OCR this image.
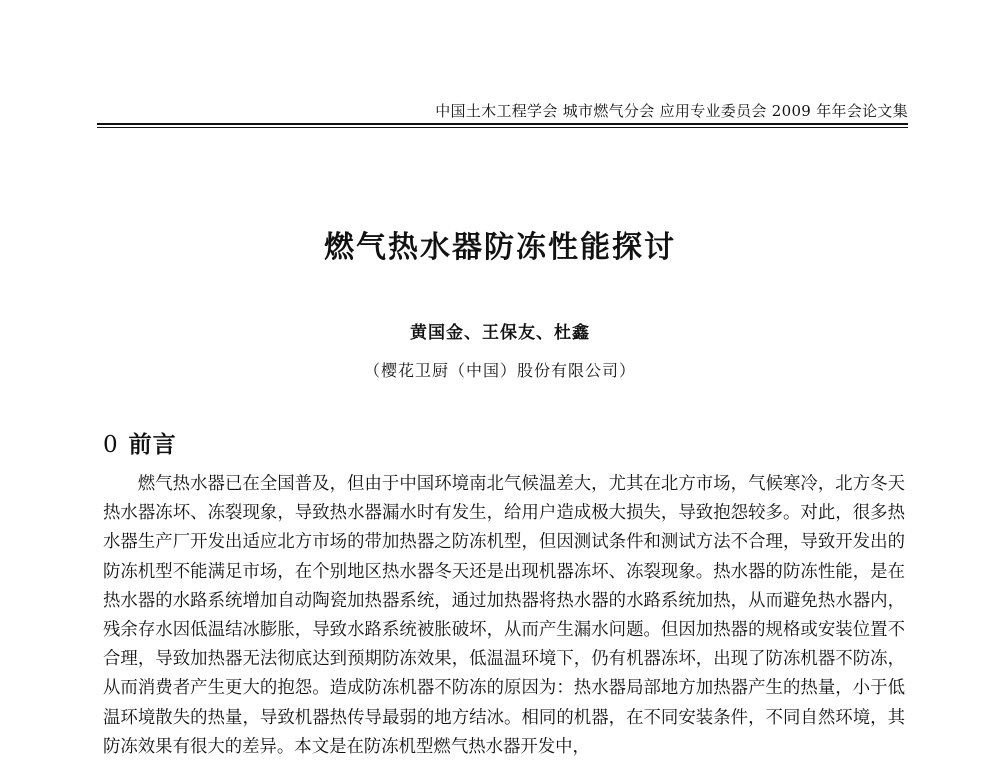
中国土木工程学会 城市燃气分会 应用专业委员会 2009 年年会论文集
燃气热水器防冻性能探讨
黄国金、王保友、杜鑫
（樱花卫厨（中国）股份有限公司）
0 前言

燃气热水器已在全国普及，但由于中国环境南北气候温差大，尤其在北方市场，气候寒冷，北方冬天热水器冻坏、冻裂现象，导致热水器漏水时有发生，给用户造成极大损失，导致抱怨较多。对此，很多热水器生产厂开发出适应北方市场的带加热器之防冻机型，但因测试条件和测试方法不合理，导致开发出的防冻机型不能满足市场，在个别地区热水器冬天还是出现机器冻坏、冻裂现象。热水器的防冻性能，是在热水器的水路系统增加自动陶瓷加热器系统，通过加热器将热水器的水路系统加热，从而避免热水器内，残余存水因低温结冰膨胀，导致水路系统被胀破坏，从而产生漏水问题。但因加热器的规格或安装位置不合理，导致加热器无法彻底达到预期防冻效果，低温温环境下，仍有机器冻坏，出现了防冻机器不防冻，从而消费者产生更大的抱怨。造成防冻机器不防冻的原因为：热水器局部地方加热器产生的热量，小于低温环境散失的热量，导致机器热传导最弱的地方结冰。相同的机器，在不同安装条件，不同自然环境，其防冻效果有很大的差异。本文是在防冻机型燃气热水器开发中，
